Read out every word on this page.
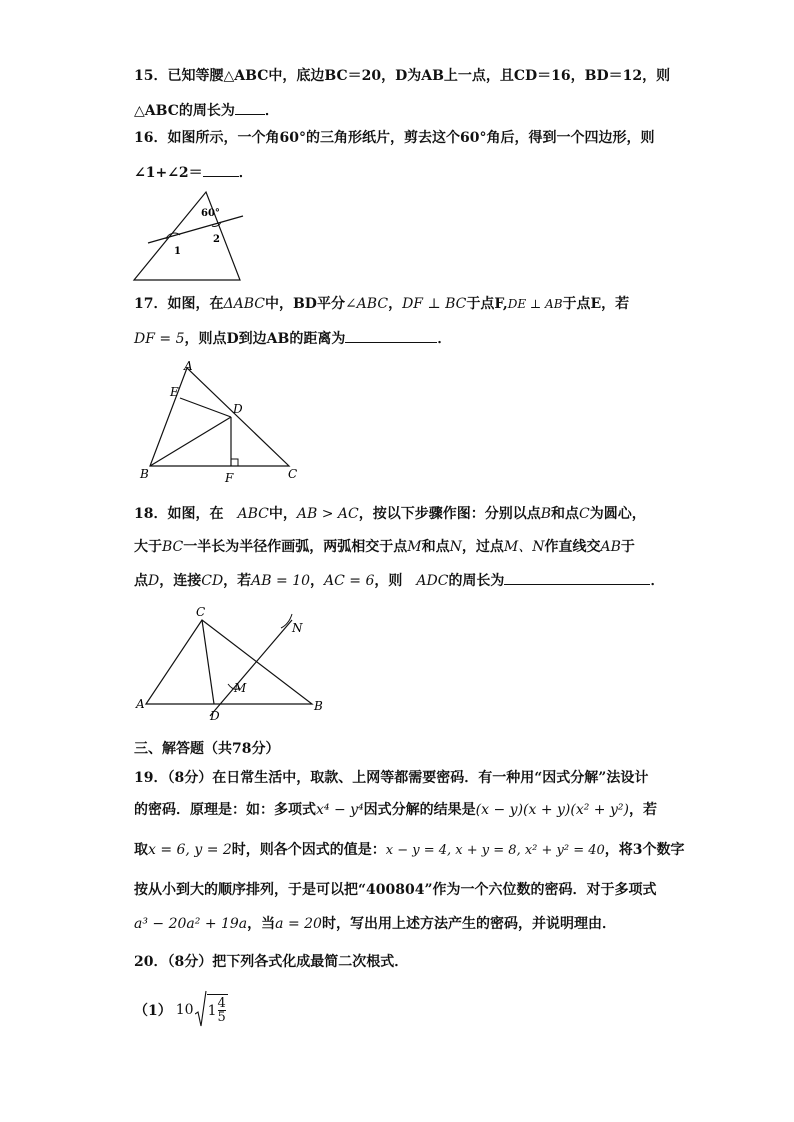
15．已知等腰△ABC中，底边BC＝20，D为AB上一点，且CD＝16，BD＝12，则
△ABC的周长为 ．
16．如图所示，一个角60°的三角形纸片，剪去这个60°角后，得到一个四边形，则
∠1+∠2＝	．
60°
1
2
17．如图，在ΔABC中，BD平分∠ABC，DF ⊥ BC于点F,DE ⊥ AB于点E，若
DF = 5，则点D到边AB的距离为	．
A
E
D
B	F	C
18．如图，在  ABC中，AB > AC，按以下步骤作图：分别以点B和点C为圆心，
大于BC一半长为半径作画弧，两弧相交于点M和点N，过点M、N作直线交AB于
点D，连接CD，若AB = 10，AC = 6，则  ADC的周长为	．
C
N
M
A
D
B
三、解答题（共78分）
19．（8分）在日常生活中，取款、上网等都需要密码．有一种用“因式分解”法设计
的密码．原理是：如：多项式x⁴ − y⁴因式分解的结果是(x − y)(x + y)(x² + y²)，若
取x = 6, y = 2时，则各个因式的值是：x − y = 4, x + y = 8, x² + y² = 40，将3个数字
按从小到大的顺序排列，于是可以把“400804”作为一个六位数的密码．对于多项式
a³ − 20a² + 19a，当a = 20时，写出用上述方法产生的密码，并说明理由．
20．（8分）把下列各式化成最简二次根式．
（1） 10 $1 \frac{4}{5}$
